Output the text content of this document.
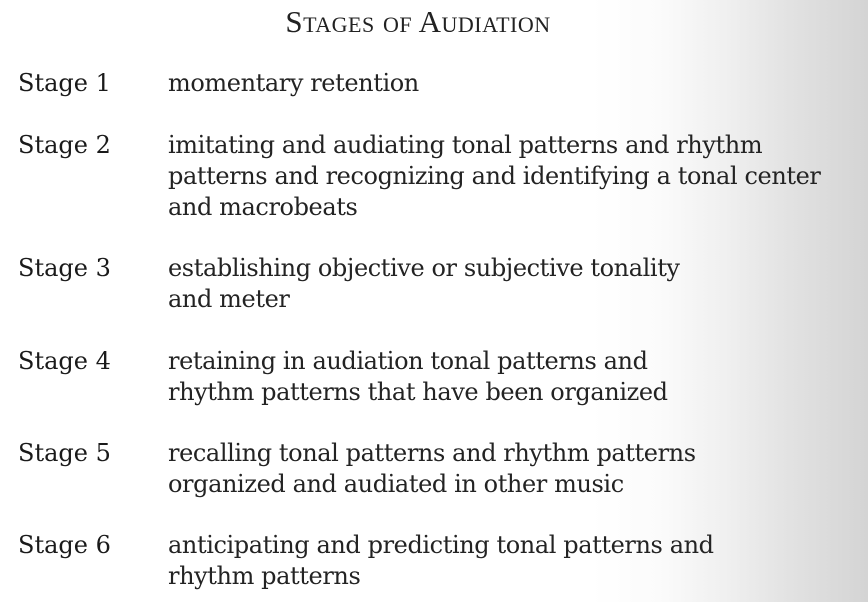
Stages of Audiation
Stage 1 momentary retention
Stage 2 imitating and audiating tonal patterns and rhythm
patterns and recognizing and identifying a tonal center
and macrobeats
Stage 3 establishing objective or subjective tonality
and meter
Stage 4 retaining in audiation tonal patterns and
rhythm patterns that have been organized
Stage 5 recalling tonal patterns and rhythm patterns
organized and audiated in other music
Stage 6 anticipating and predicting tonal patterns and
rhythm patterns
